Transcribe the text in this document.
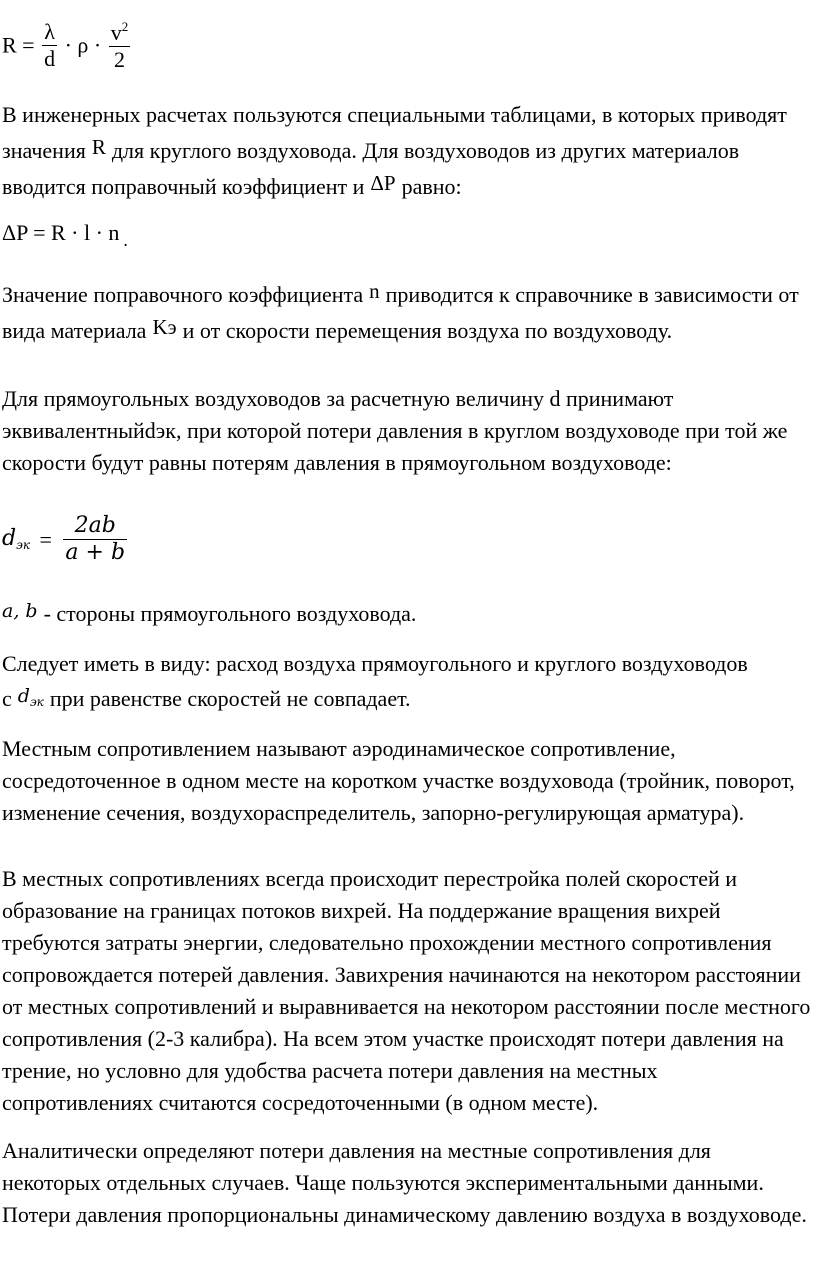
$R = \frac{\lambda}{d} \cdot \rho \cdot \frac{v^2}{2}$
В инженерных расчетах пользуются специальными таблицами, в которых приводят значения R для круглого воздуховода. Для воздуховодов из других материалов вводится поправочный коэффициент и ΔP равно:
ΔP = R · l · n $_.$
Значение поправочного коэффициента n приводится к справочнике в зависимости от вида материала Kэ и от скорости перемещения воздуха по воздуховоду.
Для прямоугольных воздуховодов за расчетную величину d принимают эквивалентныйdэк, при которой потери давления в круглом воздуховоде при той же скорости будут равны потерям давления в прямоугольном воздуховоде:
$d_{эк} = \frac{2ab}{a + b}$
a, b - стороны прямоугольного воздуховода.
Следует иметь в виду: расход воздуха прямоугольного и круглого воздуховодов с $d_{эк}$ при равенстве скоростей не совпадает.
Местным сопротивлением называют аэродинамическое сопротивление, сосредоточенное в одном месте на коротком участке воздуховода (тройник, поворот, изменение сечения, воздухораспределитель, запорно-регулирующая арматура).
В местных сопротивлениях всегда происходит перестройка полей скоростей и образование на границах потоков вихрей. На поддержание вращения вихрей требуются затраты энергии, следовательно прохождении местного сопротивления сопровождается потерей давления. Завихрения начинаются на некотором расстоянии от местных сопротивлений и выравнивается на некотором расстоянии после местного сопротивления (2-3 калибра). На всем этом участке происходят потери давления на трение, но условно для удобства расчета потери давления на местных сопротивлениях считаются сосредоточенными (в одном месте).
Аналитически определяют потери давления на местные сопротивления для некоторых отдельных случаев. Чаще пользуются экспериментальными данными. Потери давления пропорциональны динамическому давлению воздуха в воздуховоде.
